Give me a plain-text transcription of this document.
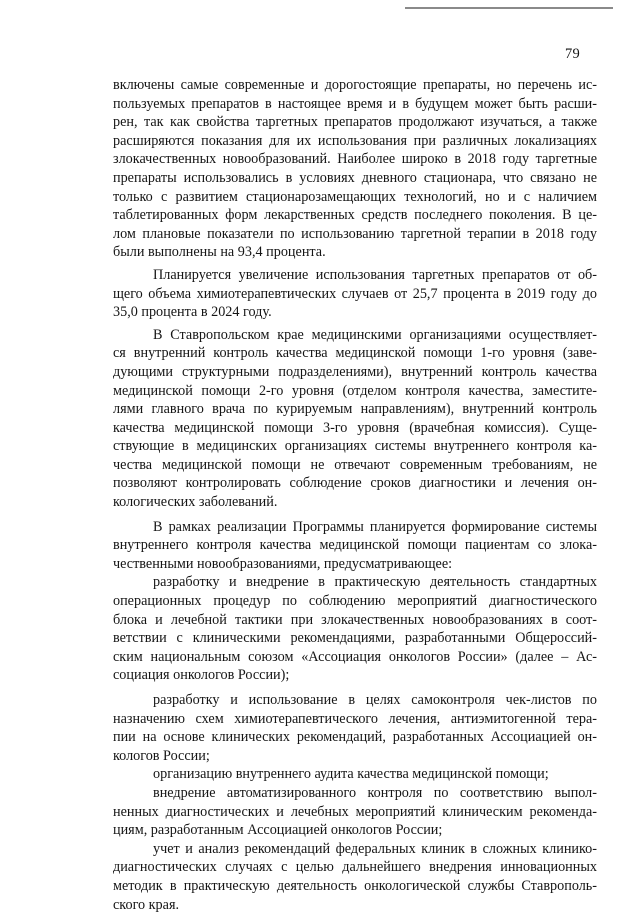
79

включены самые современные и дорогостоящие препараты, но перечень ис-
пользуемых препаратов в настоящее время и в будущем может быть расши-
рен, так как свойства таргетных препаратов продолжают изучаться, а также
расширяются показания для их использования при различных локализациях
злокачественных новообразований. Наиболее широко в 2018 году таргетные
препараты использовались в условиях дневного стационара, что связано не
только с развитием стационарозамещающих технологий, но и с наличием
таблетированных форм лекарственных средств последнего поколения. В це-
лом плановые показатели по использованию таргетной терапии в 2018 году
были выполнены на 93,4 процента.

Планируется увеличение использования таргетных препаратов от об-
щего объема химиотерапевтических случаев от 25,7 процента в 2019 году до
35,0 процента в 2024 году.

В Ставропольском крае медицинскими организациями осуществляет-
ся внутренний контроль качества медицинской помощи 1-го уровня (заве-
дующими структурными подразделениями), внутренний контроль качества
медицинской помощи 2-го уровня (отделом контроля качества, заместите-
лями главного врача по курируемым направлениям), внутренний контроль
качества медицинской помощи 3-го уровня (врачебная комиссия). Суще-
ствующие в медицинских организациях системы внутреннего контроля ка-
чества медицинской помощи не отвечают современным требованиям, не
позволяют контролировать соблюдение сроков диагностики и лечения он-
кологических заболеваний.

В рамках реализации Программы планируется формирование системы
внутреннего контроля качества медицинской помощи пациентам со злока-
чественными новообразованиями, предусматривающее:

разработку и внедрение в практическую деятельность стандартных
операционных процедур по соблюдению мероприятий диагностического
блока и лечебной тактики при злокачественных новообразованиях в соот-
ветствии с клиническими рекомендациями, разработанными Общероссий-
ским национальным союзом «Ассоциация онкологов России» (далее – Ас-
социация онкологов России);

разработку и использование в целях самоконтроля чек-листов по
назначению схем химиотерапевтического лечения, антиэмитогенной тера-
пии на основе клинических рекомендаций, разработанных Ассоциацией он-
кологов России;

организацию внутреннего аудита качества медицинской помощи;

внедрение автоматизированного контроля по соответствию выпол-
ненных диагностических и лечебных мероприятий клиническим рекоменда-
циям, разработанным Ассоциацией онкологов России;

учет и анализ рекомендаций федеральных клиник в сложных клинико-
диагностических случаях с целью дальнейшего внедрения инновационных
методик в практическую деятельность онкологической службы Ставрополь-
ского края.
